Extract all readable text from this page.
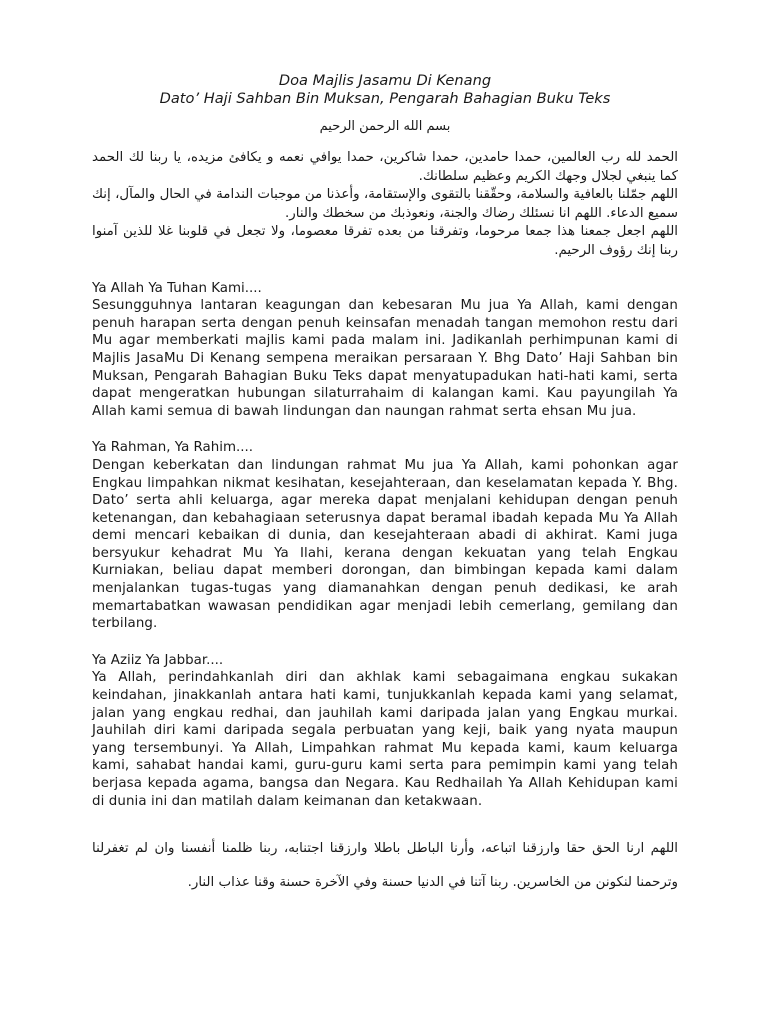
Doa Majlis Jasamu Di Kenang

Dato’ Haji Sahban Bin Muksan, Pengarah Bahagian Buku Teks

بسم الله الرحمن الرحيم

الحمد لله رب العالمين، حمدا حامدين، حمدا شاكرين، حمدا يوافي نعمه و يكافئ مزيده، يا ربنا لك الحمد كما ينبغي لجلال وجهك الكريم وعظيم سلطانك.

اللهم جمّلنا بالعافية والسلامة، وحقّقنا بالتقوى والإستقامة، وأعذنا من موجبات الندامة في الحال والمآل، إنك سميع الدعاء. اللهم انا نسئلك رضاك والجنة، ونعوذبك من سخطك والنار.

اللهم اجعل جمعنا هذا جمعا مرحوما، وتفرقنا من بعده تفرقا معصوما، ولا تجعل في قلوبنا غلا للذين آمنوا ربنا إنك رؤوف الرحيم.

Ya Allah Ya Tuhan Kami....

Sesungguhnya lantaran keagungan dan kebesaran Mu jua Ya Allah, kami dengan penuh harapan serta dengan penuh keinsafan menadah tangan memohon restu dari Mu agar memberkati majlis kami pada malam ini. Jadikanlah perhimpunan kami di Majlis JasaMu Di Kenang sempena meraikan persaraan Y. Bhg Dato’ Haji Sahban bin Muksan, Pengarah Bahagian Buku Teks dapat menyatupadukan hati-hati kami, serta dapat mengeratkan hubungan silaturrahaim di kalangan kami. Kau payungilah Ya Allah kami semua di bawah lindungan dan naungan rahmat serta ehsan Mu jua.

Ya Rahman, Ya Rahim....

Dengan keberkatan dan lindungan rahmat Mu jua Ya Allah, kami pohonkan agar Engkau limpahkan nikmat kesihatan, kesejahteraan, dan keselamatan kepada Y. Bhg. Dato’ serta ahli keluarga, agar mereka dapat menjalani kehidupan dengan penuh ketenangan, dan kebahagiaan seterusnya dapat beramal ibadah kepada Mu Ya Allah demi mencari kebaikan di dunia, dan kesejahteraan abadi di akhirat. Kami juga bersyukur kehadrat Mu Ya Ilahi, kerana dengan kekuatan yang telah Engkau Kurniakan, beliau dapat memberi dorongan, dan bimbingan kepada kami dalam menjalankan tugas-tugas yang diamanahkan dengan penuh dedikasi, ke arah memartabatkan wawasan pendidikan agar menjadi lebih cemerlang, gemilang dan terbilang.

Ya Aziiz Ya Jabbar....

Ya Allah, perindahkanlah diri dan akhlak kami sebagaimana engkau sukakan keindahan, jinakkanlah antara hati kami, tunjukkanlah kepada kami yang selamat, jalan yang engkau redhai, dan jauhilah kami daripada jalan yang Engkau murkai. Jauhilah diri kami daripada segala perbuatan yang keji, baik yang nyata maupun yang tersembunyi. Ya Allah, Limpahkan rahmat Mu kepada kami, kaum keluarga kami, sahabat handai kami, guru-guru kami serta para pemimpin kami yang telah berjasa kepada agama, bangsa dan Negara. Kau Redhailah Ya Allah Kehidupan kami di dunia ini dan matilah dalam keimanan dan ketakwaan.

اللهم ارنا الحق حقا وارزقنا اتباعه، وأرنا الباطل باطلا وارزقنا اجتنابه، ربنا ظلمنا أنفسنا وان لم تغفرلنا وترحمنا لنكونن من الخاسرين. ربنا آتنا في الدنيا حسنة وفي الآخرة حسنة وقنا عذاب النار.
